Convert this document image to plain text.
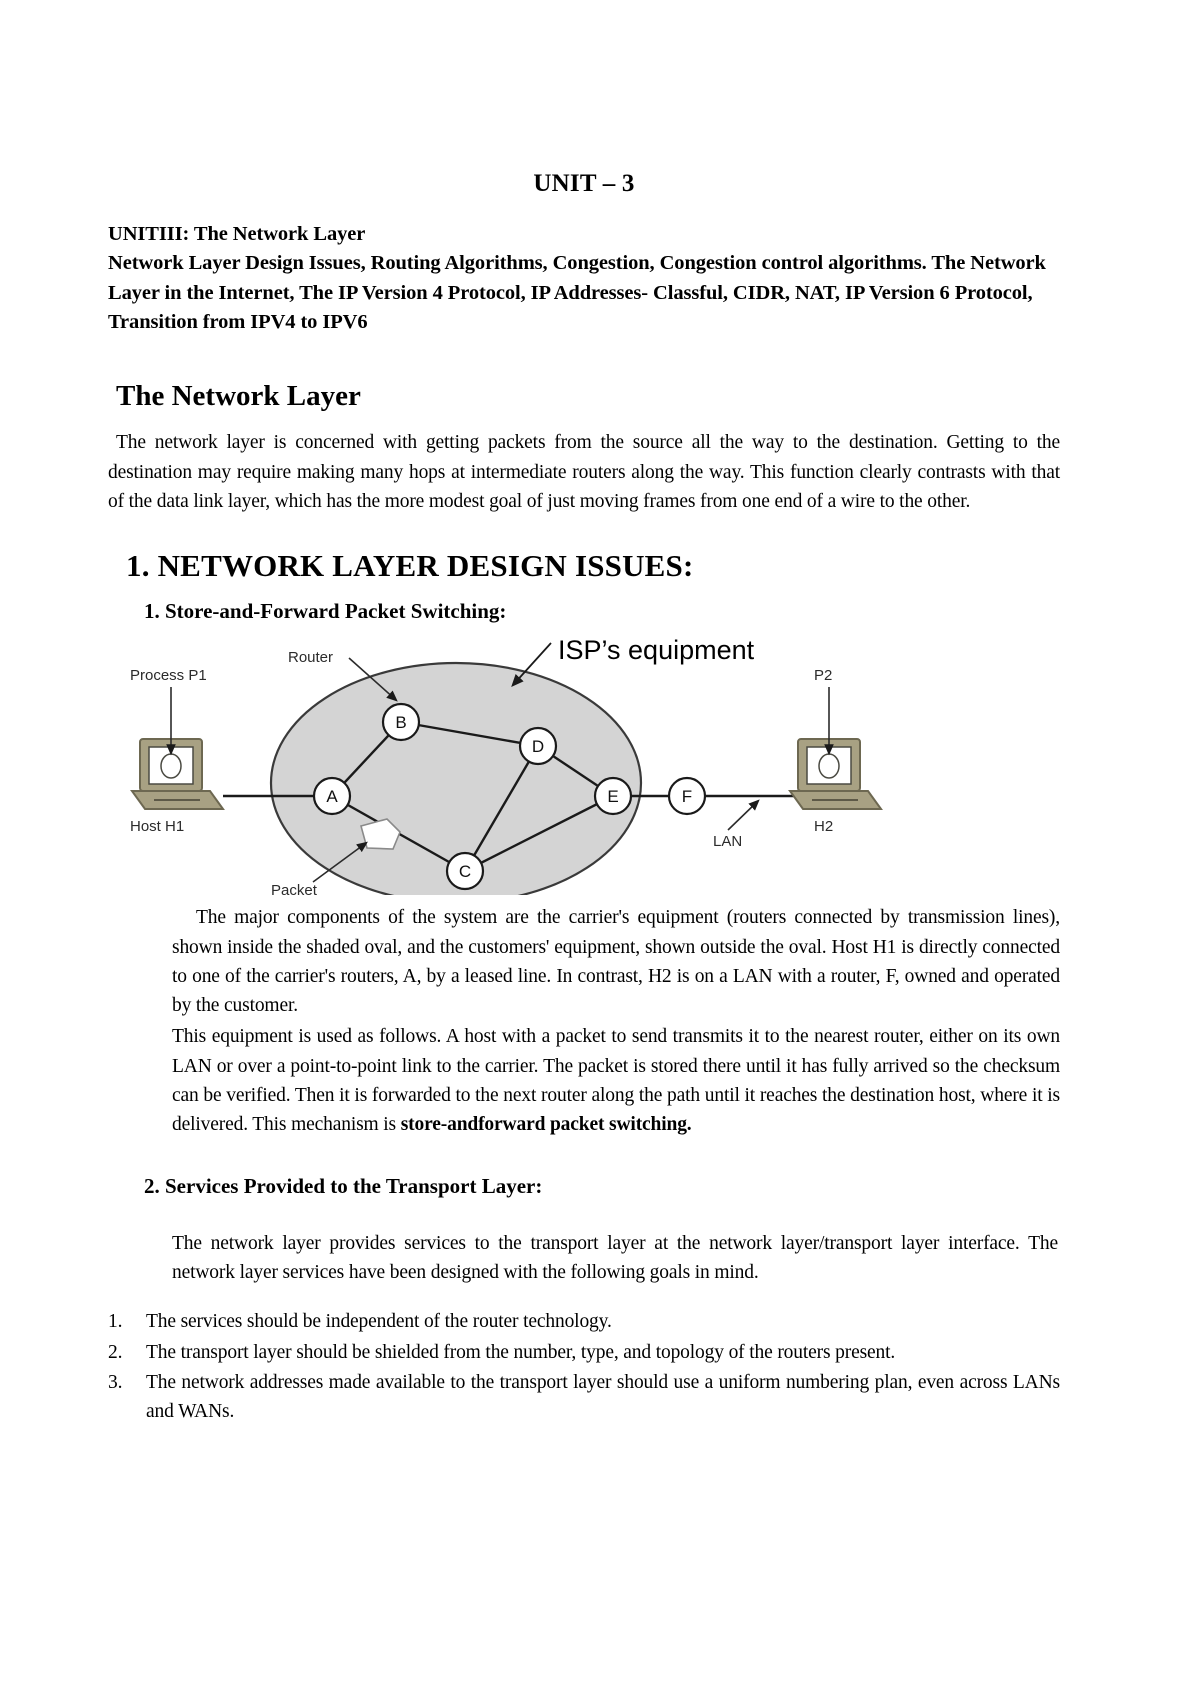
UNIT – 3
UNITIII: The Network Layer
Network Layer Design Issues, Routing Algorithms, Congestion, Congestion control algorithms. The Network Layer in the Internet, The IP Version 4 Protocol, IP Addresses- Classful, CIDR, NAT, IP Version 6 Protocol, Transition from IPV4 to IPV6
The Network Layer

The network layer is concerned with getting packets from the source all the way to the destination. Getting to the destination may require making many hops at intermediate routers along the way. This function clearly contrasts with that of the data link layer, which has the more modest goal of just moving frames from one end of a wire to the other.

1. NETWORK LAYER DESIGN ISSUES:
1. Store-and-Forward Packet Switching:
Packet
B
D
A	E
C
F
Router	ISP’s equipment
Process P1
Host H1
P2
H2
LAN

The major components of the system are the carrier's equipment (routers connected by transmission lines), shown inside the shaded oval, and the customers' equipment, shown outside the oval. Host H1 is directly connected to one of the carrier's routers, A, by a leased line. In contrast, H2 is on a LAN with a router, F, owned and operated by the customer.

This equipment is used as follows. A host with a packet to send transmits it to the nearest router, either on its own LAN or over a point-to-point link to the carrier. The packet is stored there until it has fully arrived so the checksum can be verified. Then it is forwarded to the next router along the path until it reaches the destination host, where it is delivered. This mechanism is store-andforward packet switching.

2. Services Provided to the Transport Layer:

The network layer provides services to the transport layer at the network layer/transport layer interface. The network layer services have been designed with the following goals in mind.

1.	The services should be independent of the router technology.
2.	The transport layer should be shielded from the number, type, and topology of the routers present.
3.	The network addresses made available to the transport layer should use a uniform numbering plan, even across LANs and WANs.
